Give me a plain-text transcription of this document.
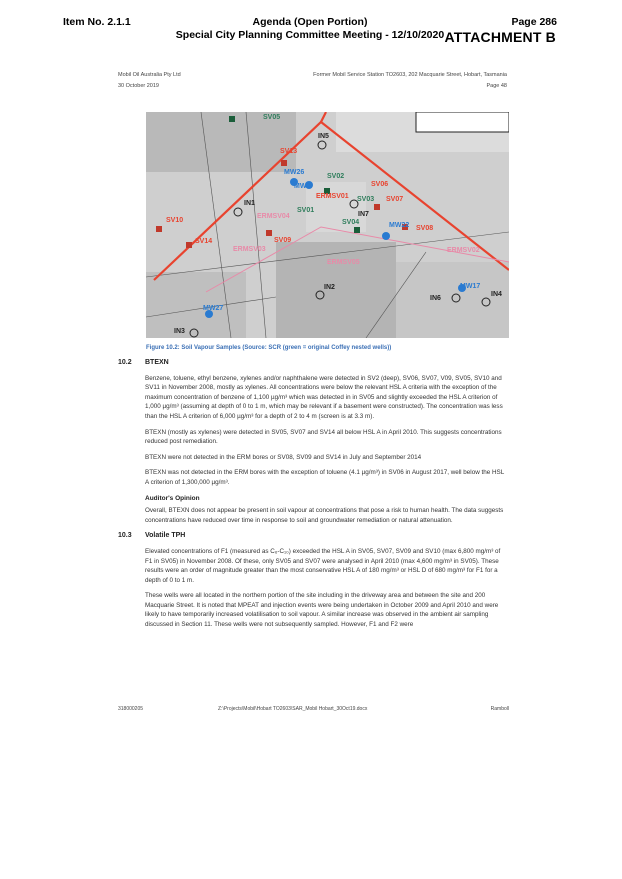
Item No. 2.1.1	Agenda (Open Portion)
Special City Planning Committee Meeting - 12/10/2020
Page 286
ATTACHMENT B
Mobil Oil Australia Pty Ltd
30 October 2019
Former Mobil Service Station TO2603, 202 Macquarie Street, Hobart, Tasmania
Page 48
SV05
IN5
SV13
MW26
SV02
MW6
ERMSV01
SV06
SV03 SV07
IN1
ERMSV04
SV01
IN7
SV10	SV04	MW22 SV08
SV14	SV09
ERMSV03
ERMSV05
ERMSV02
IN2	MW17
IN4
IN6
MW27
IN3
Figure 10.2: Soil Vapour Samples (Source: SCR (green = original Coffey nested wells))
10.2	BTEXN

Benzene, toluene, ethyl benzene, xylenes and/or naphthalene were detected in SV2 (deep), SV06, SV07, V09, SV05, SV10 and SV11 in November 2008, mostly as xylenes. All concentrations were below the relevant HSL A criteria with the exception of the maximum concentration of benzene of 1,100 µg/m³ which was detected in in SV05 and slightly exceeded the HSL A criterion of 1,000 µg/m³ (assuming at depth of 0 to 1 m, which may be relevant if a basement were constructed). The concentration was less than the HSL A criterion of 6,000 µg/m³ for a depth of 2 to 4 m (screen is at 3.3 m).

BTEXN (mostly as xylenes) were detected in SV05, SV07 and SV14 all below HSL A in April 2010. This suggests concentrations reduced post remediation.

BTEXN were not detected in the ERM bores or SV08, SV09 and SV14 in July and September 2014

BTEXN was not detected in the ERM bores with the exception of toluene (4.1 µg/m³) in SV06 in August 2017, well below the HSL A criterion of 1,300,000 µg/m³.

Auditor's Opinion

Overall, BTEXN does not appear be present in soil vapour at concentrations that pose a risk to human health. The data suggests concentrations have reduced over time in response to soil and groundwater remediation or natural attenuation.

10.3	Volatile TPH

Elevated concentrations of F1 (measured as C₆-C₁₀) exceeded the HSL A in SV05, SV07, SV09 and SV10 (max 6,800 mg/m³ of F1 in SV05) in November 2008. Of these, only SV05 and SV07 were analysed in April 2010 (max 4,600 mg/m³ in SV05). These results were an order of magnitude greater than the most conservative HSL A of 180 mg/m³ or HSL D of 680 mg/m³ for F1 for a depth of 0 to 1 m.

These wells were all located in the northern portion of the site including in the driveway area and between the site and 200 Macquarie Street. It is noted that MPEAT and injection events were being undertaken in October 2009 and April 2010 and were likely to have temporarily increased volatilisation to soil vapour. A similar increase was observed in the ambient air sampling discussed in Section 11. These wells were not subsequently sampled. However, F1 and F2 were

318000205	Z:\Projects\Mobil\Hobart TO2603\SAR_Mobil Hobart_30Oct19.docx	Ramboll
